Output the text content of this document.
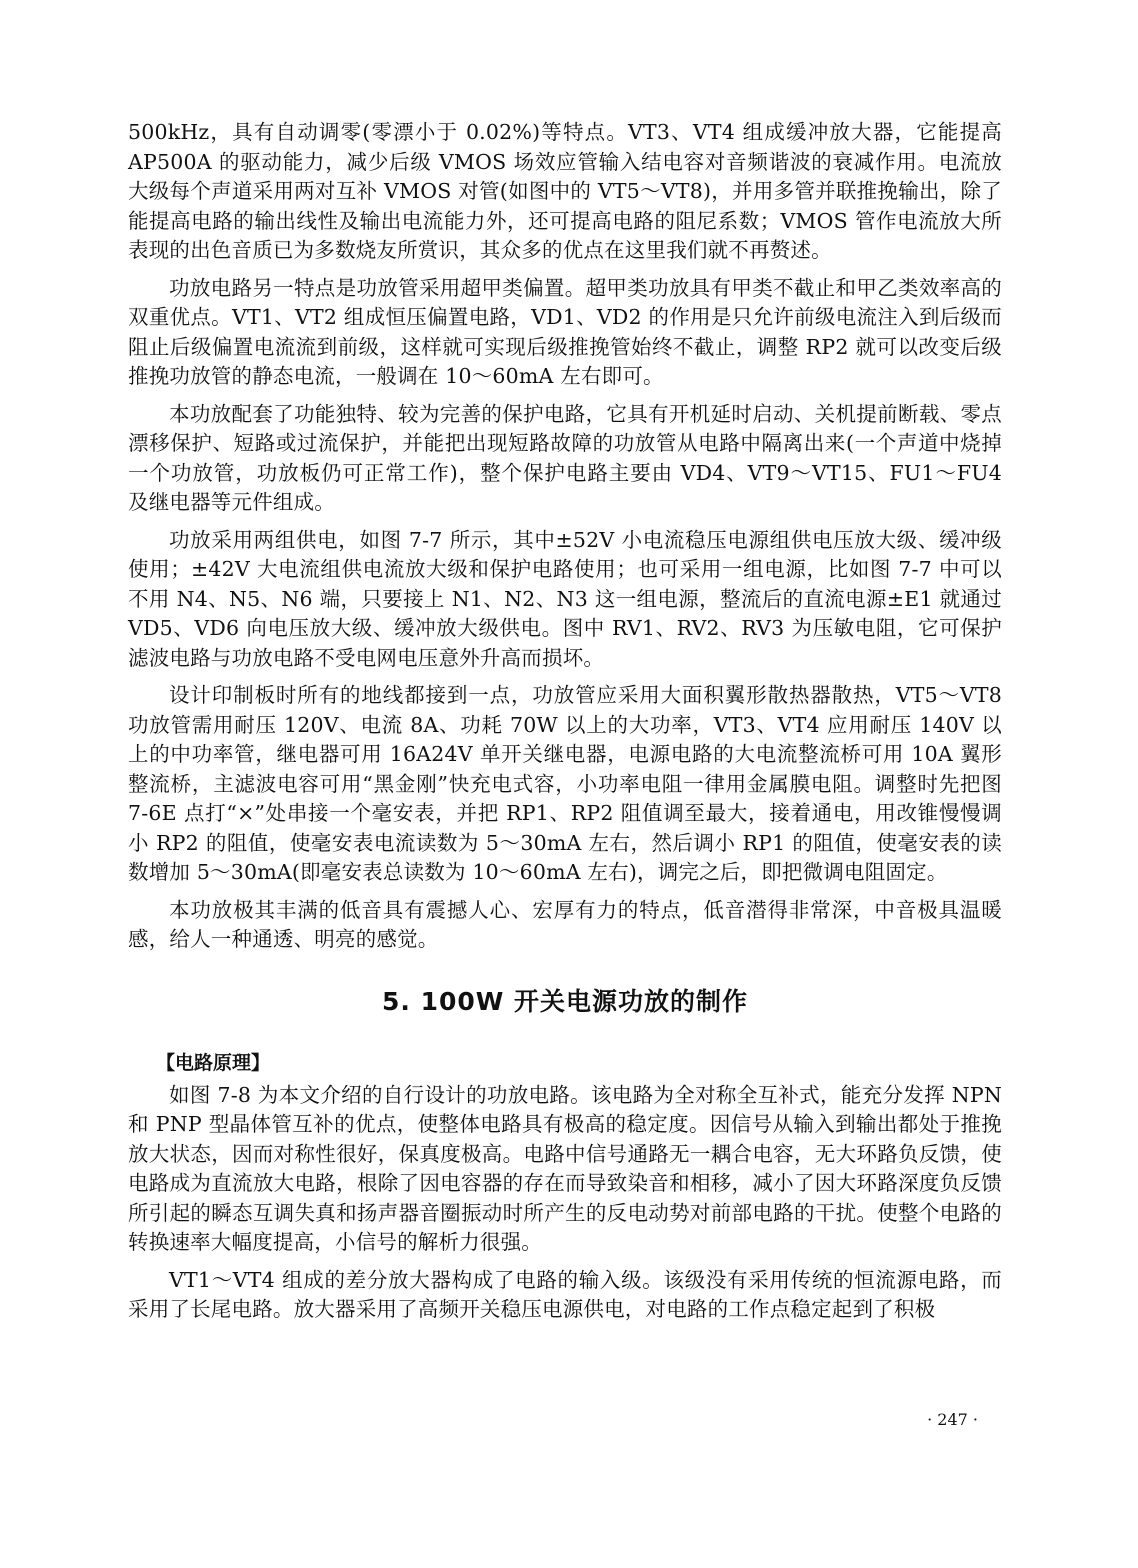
500kHz，具有自动调零(零漂小于 0.02%)等特点。VT3、VT4 组成缓冲放大器，它能提高 AP500A 的驱动能力，减少后级 VMOS 场效应管输入结电容对音频谐波的衰减作用。电流放大级每个声道采用两对互补 VMOS 对管(如图中的 VT5～VT8)，并用多管并联推挽输出，除了能提高电路的输出线性及输出电流能力外，还可提高电路的阻尼系数；VMOS 管作电流放大所表现的出色音质已为多数烧友所赏识，其众多的优点在这里我们就不再赘述。

功放电路另一特点是功放管采用超甲类偏置。超甲类功放具有甲类不截止和甲乙类效率高的双重优点。VT1、VT2 组成恒压偏置电路，VD1、VD2 的作用是只允许前级电流注入到后级而阻止后级偏置电流流到前级，这样就可实现后级推挽管始终不截止，调整 RP2 就可以改变后级推挽功放管的静态电流，一般调在 10～60mA 左右即可。

本功放配套了功能独特、较为完善的保护电路，它具有开机延时启动、关机提前断载、零点漂移保护、短路或过流保护，并能把出现短路故障的功放管从电路中隔离出来(一个声道中烧掉一个功放管，功放板仍可正常工作)，整个保护电路主要由 VD4、VT9～VT15、FU1～FU4 及继电器等元件组成。

功放采用两组供电，如图 7-7 所示，其中±52V 小电流稳压电源组供电压放大级、缓冲级使用；±42V 大电流组供电流放大级和保护电路使用；也可采用一组电源，比如图 7-7 中可以不用 N4、N5、N6 端，只要接上 N1、N2、N3 这一组电源，整流后的直流电源±E1 就通过 VD5、VD6 向电压放大级、缓冲放大级供电。图中 RV1、RV2、RV3 为压敏电阻，它可保护滤波电路与功放电路不受电网电压意外升高而损坏。

设计印制板时所有的地线都接到一点，功放管应采用大面积翼形散热器散热，VT5～VT8 功放管需用耐压 120V、电流 8A、功耗 70W 以上的大功率，VT3、VT4 应用耐压 140V 以上的中功率管，继电器可用 16A24V 单开关继电器，电源电路的大电流整流桥可用 10A 翼形整流桥，主滤波电容可用“黑金刚”快充电式容，小功率电阻一律用金属膜电阻。调整时先把图 7-6E 点打“×”处串接一个毫安表，并把 RP1、RP2 阻值调至最大，接着通电，用改锥慢慢调小 RP2 的阻值，使毫安表电流读数为 5～30mA 左右，然后调小 RP1 的阻值，使毫安表的读数增加 5～30mA(即毫安表总读数为 10～60mA 左右)，调完之后，即把微调电阻固定。

本功放极其丰满的低音具有震撼人心、宏厚有力的特点，低音潜得非常深，中音极具温暖感，给人一种通透、明亮的感觉。

5. 100W 开关电源功放的制作
【电路原理】

如图 7-8 为本文介绍的自行设计的功放电路。该电路为全对称全互补式，能充分发挥 NPN 和 PNP 型晶体管互补的优点，使整体电路具有极高的稳定度。因信号从输入到输出都处于推挽放大状态，因而对称性很好，保真度极高。电路中信号通路无一耦合电容，无大环路负反馈，使电路成为直流放大电路，根除了因电容器的存在而导致染音和相移，减小了因大环路深度负反馈所引起的瞬态互调失真和扬声器音圈振动时所产生的反电动势对前部电路的干扰。使整个电路的转换速率大幅度提高，小信号的解析力很强。

VT1～VT4 组成的差分放大器构成了电路的输入级。该级没有采用传统的恒流源电路，而采用了长尾电路。放大器采用了高频开关稳压电源供电，对电路的工作点稳定起到了积极

· 247 ·
